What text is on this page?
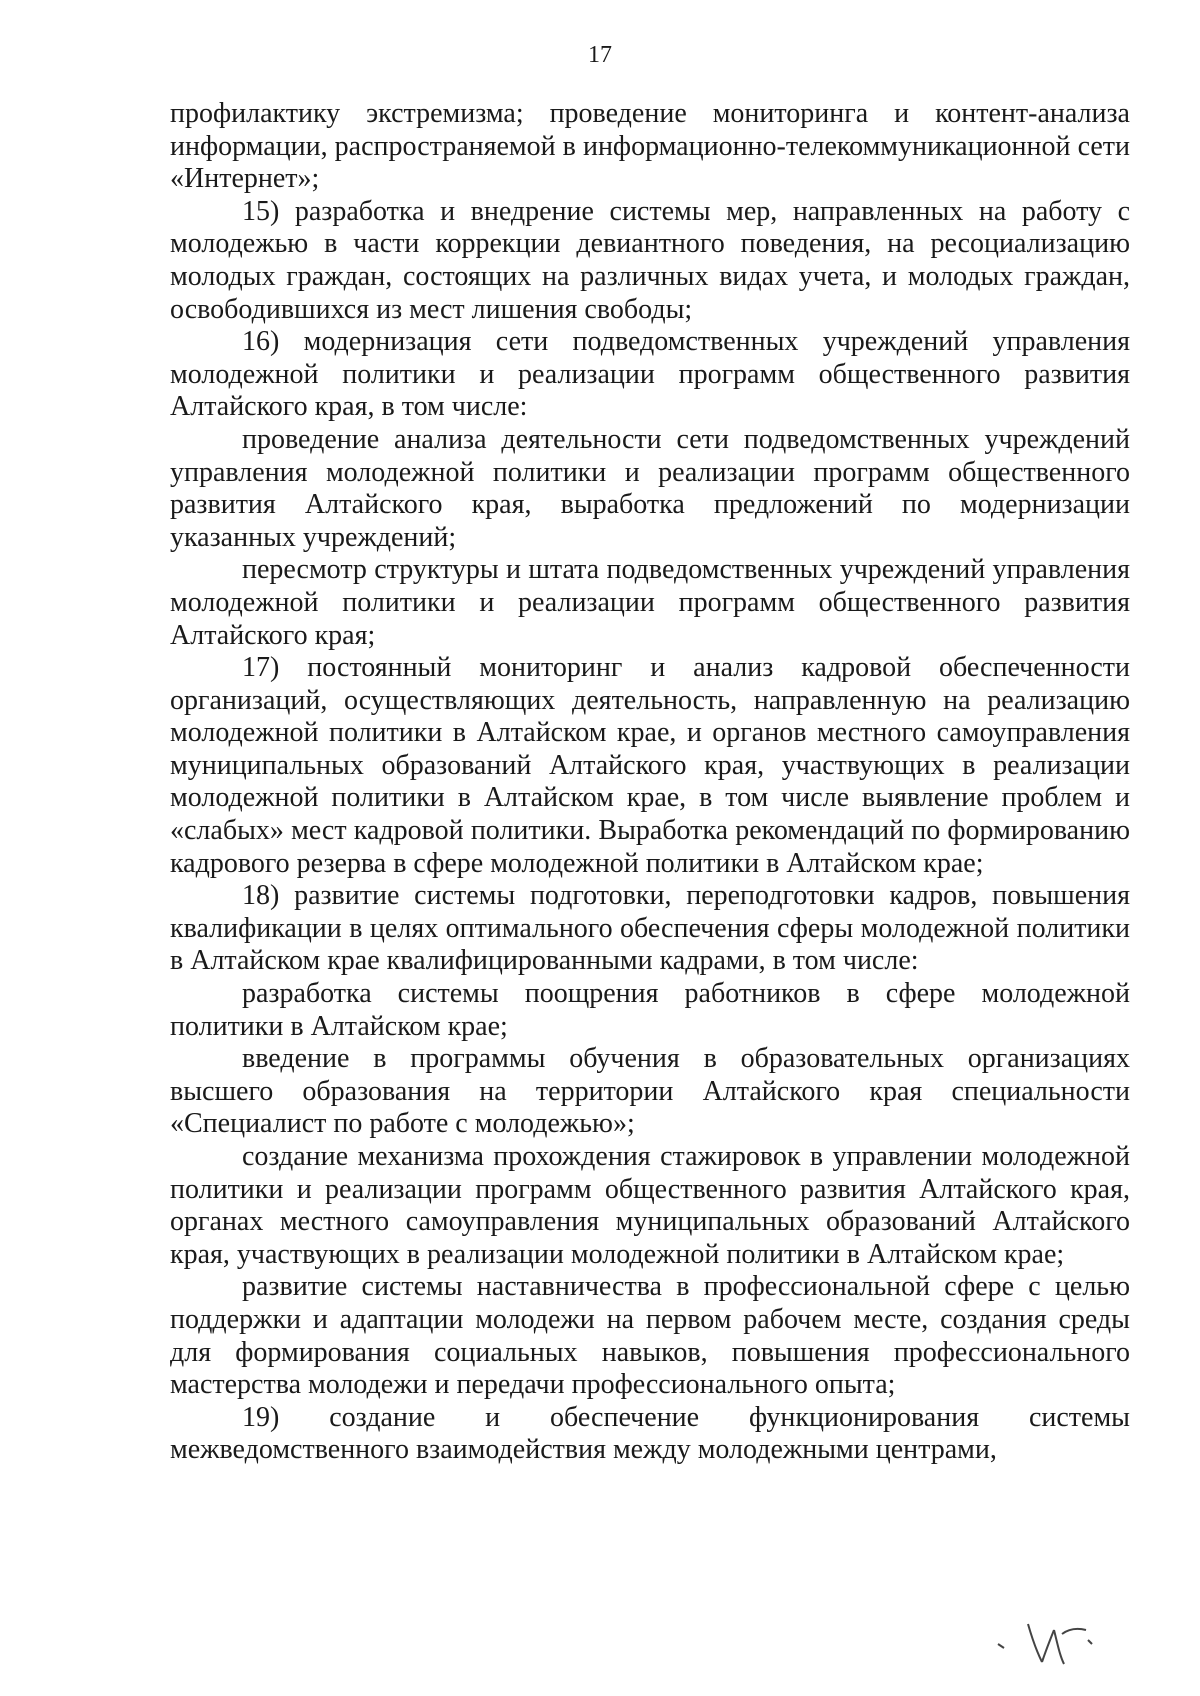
17

профилактику экстремизма; проведение мониторинга и контент-анализа информации, распространяемой в информационно-телекоммуникационной сети «Интернет»;

15) разработка и внедрение системы мер, направленных на работу с молодежью в части коррекции девиантного поведения, на ресоциализацию молодых граждан, состоящих на различных видах учета, и молодых граждан, освободившихся из мест лишения свободы;

16) модернизация сети подведомственных учреждений управления молодежной политики и реализации программ общественного развития Алтайского края, в том числе:

проведение анализа деятельности сети подведомственных учреждений управления молодежной политики и реализации программ общественного развития Алтайского края, выработка предложений по модернизации указанных учреждений;

пересмотр структуры и штата подведомственных учреждений управления молодежной политики и реализации программ общественного развития Алтайского края;

17) постоянный мониторинг и анализ кадровой обеспеченности организаций, осуществляющих деятельность, направленную на реализацию молодежной политики в Алтайском крае, и органов местного самоуправления муниципальных образований Алтайского края, участвующих в реализации молодежной политики в Алтайском крае, в том числе выявление проблем и «слабых» мест кадровой политики. Выработка рекомендаций по формированию кадрового резерва в сфере молодежной политики в Алтайском крае;

18) развитие системы подготовки, переподготовки кадров, повышения квалификации в целях оптимального обеспечения сферы молодежной политики в Алтайском крае квалифицированными кадрами, в том числе:

разработка системы поощрения работников в сфере молодежной политики в Алтайском крае;

введение в программы обучения в образовательных организациях высшего образования на территории Алтайского края специальности «Специалист по работе с молодежью»;

создание механизма прохождения стажировок в управлении молодежной политики и реализации программ общественного развития Алтайского края, органах местного самоуправления муниципальных образований Алтайского края, участвующих в реализации молодежной политики в Алтайском крае;

развитие системы наставничества в профессиональной сфере с целью поддержки и адаптации молодежи на первом рабочем месте, создания среды для формирования социальных навыков, повышения профессионального мастерства молодежи и передачи профессионального опыта;

19) создание и обеспечение функционирования системы межведомственного взаимодействия между молодежными центрами,
